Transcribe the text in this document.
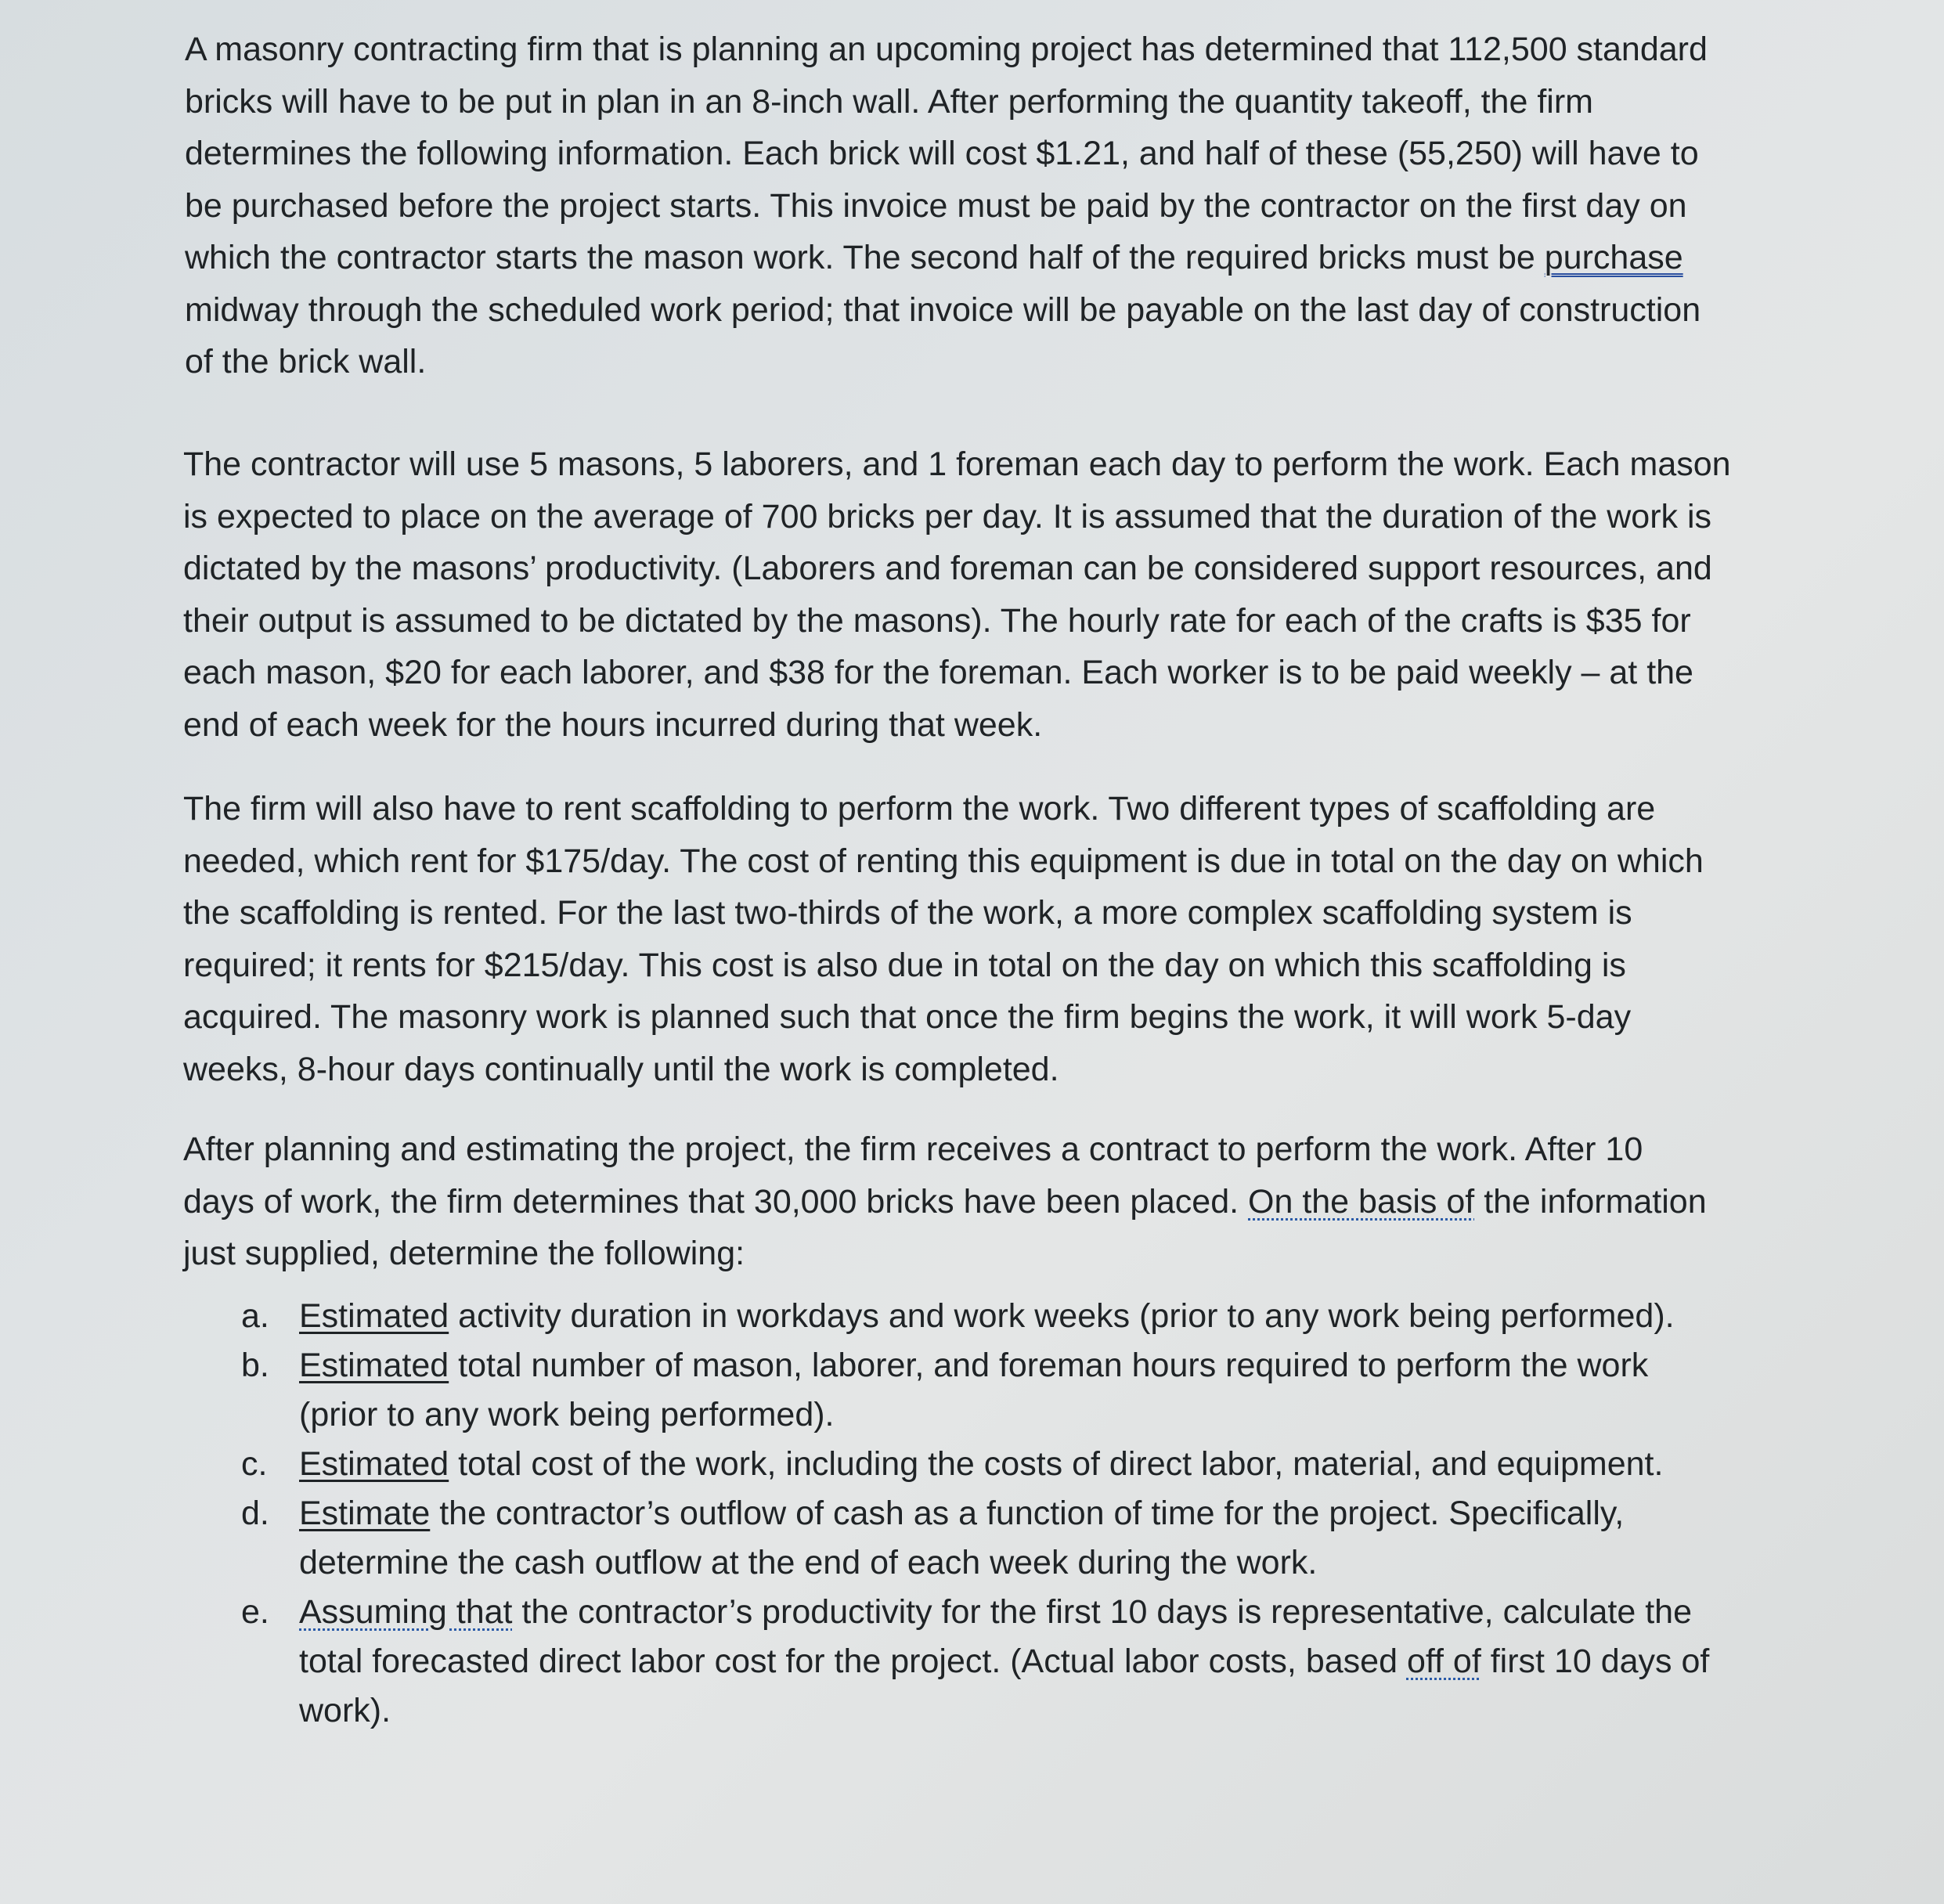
A masonry contracting firm that is planning an upcoming project has determined that 112,500 standard
bricks will have to be put in plan in an 8-inch wall. After performing the quantity takeoff, the firm
determines the following information. Each brick will cost $1.21, and half of these (55,250) will have to
be purchased before the project starts. This invoice must be paid by the contractor on the first day on
which the contractor starts the mason work. The second half of the required bricks must be purchase
midway through the scheduled work period; that invoice will be payable on the last day of construction
of the brick wall.

The contractor will use 5 masons, 5 laborers, and 1 foreman each day to perform the work. Each mason
is expected to place on the average of 700 bricks per day. It is assumed that the duration of the work is
dictated by the masons’ productivity. (Laborers and foreman can be considered support resources, and
their output is assumed to be dictated by the masons). The hourly rate for each of the crafts is $35 for
each mason, $20 for each laborer, and $38 for the foreman. Each worker is to be paid weekly – at the
end of each week for the hours incurred during that week.

The firm will also have to rent scaffolding to perform the work. Two different types of scaffolding are
needed, which rent for $175/day. The cost of renting this equipment is due in total on the day on which
the scaffolding is rented. For the last two-thirds of the work, a more complex scaffolding system is
required; it rents for $215/day. This cost is also due in total on the day on which this scaffolding is
acquired. The masonry work is planned such that once the firm begins the work, it will work 5-day
weeks, 8-hour days continually until the work is completed.

After planning and estimating the project, the firm receives a contract to perform the work. After 10
days of work, the firm determines that 30,000 bricks have been placed. On the basis of the information
just supplied, determine the following:

a. Estimated activity duration in workdays and work weeks (prior to any work being performed).
b. Estimated total number of mason, laborer, and foreman hours required to perform the work
(prior to any work being performed).
c. Estimated total cost of the work, including the costs of direct labor, material, and equipment.
d. Estimate the contractor’s outflow of cash as a function of time for the project. Specifically,
determine the cash outflow at the end of each week during the work.
e. Assuming that the contractor’s productivity for the first 10 days is representative, calculate the
total forecasted direct labor cost for the project. (Actual labor costs, based off of first 10 days of
work).
